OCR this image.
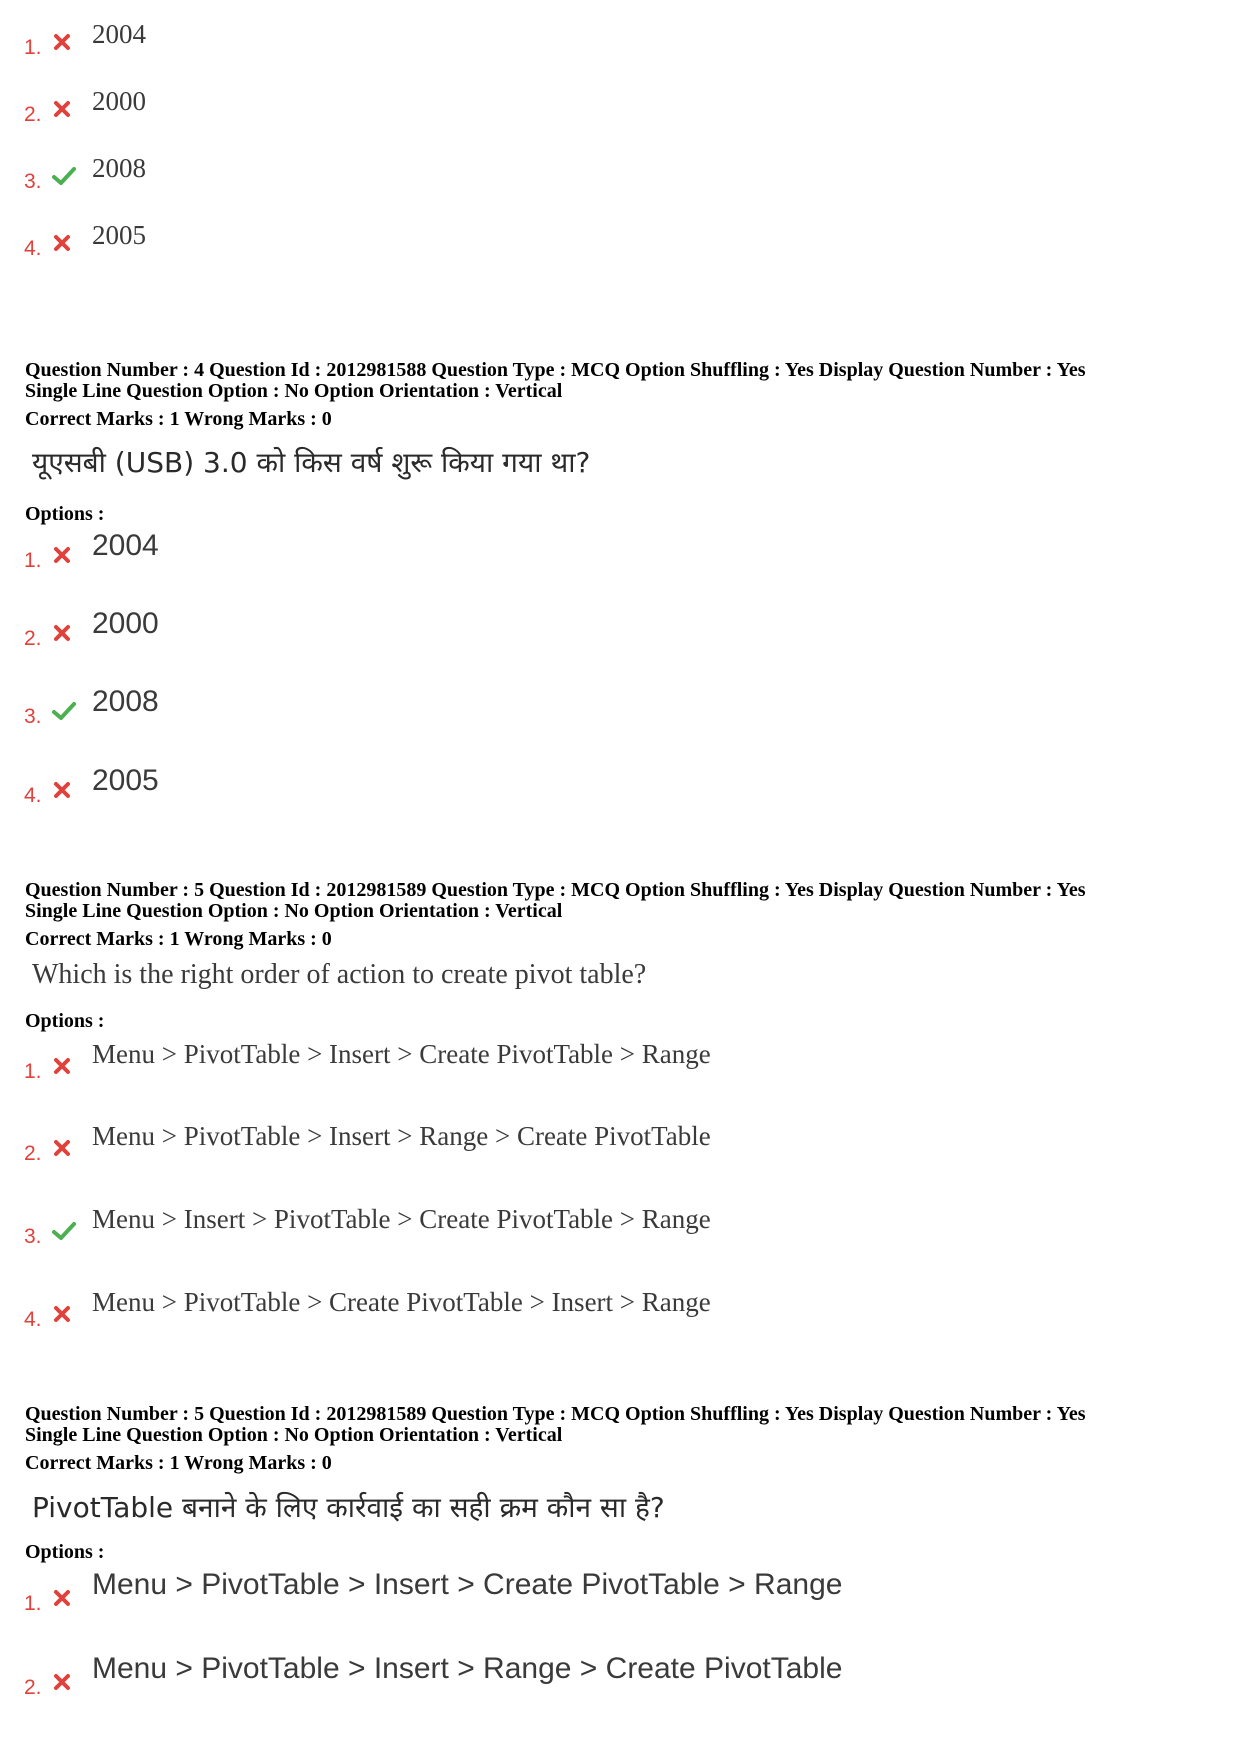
1. 2004
2. 2000
3. 2008
4. 2005
Question Number : 4 Question Id : 2012981588 Question Type : MCQ Option Shuffling : Yes Display Question Number : Yes
Single Line Question Option : No Option Orientation : Vertical
Correct Marks : 1 Wrong Marks : 0
यूएसबी (USB) 3.0 को किस वर्ष शुरू किया गया था?
Options :
1. 2004
2. 2000
3. 2008
4. 2005
Question Number : 5 Question Id : 2012981589 Question Type : MCQ Option Shuffling : Yes Display Question Number : Yes
Single Line Question Option : No Option Orientation : Vertical
Correct Marks : 1 Wrong Marks : 0
Which is the right order of action to create pivot table?
Options :
1.
Menu > PivotTable > Insert > Create PivotTable > Range
2.
Menu > PivotTable > Insert > Range > Create PivotTable
3.
Menu > Insert > PivotTable > Create PivotTable > Range
4.
Menu > PivotTable > Create PivotTable > Insert > Range
Question Number : 5 Question Id : 2012981589 Question Type : MCQ Option Shuffling : Yes Display Question Number : Yes
Single Line Question Option : No Option Orientation : Vertical
Correct Marks : 1 Wrong Marks : 0
PivotTable बनाने के लिए कार्रवाई का सही क्रम कौन सा है?
Options :
1.
Menu > PivotTable > Insert > Create PivotTable > Range
2.
Menu > PivotTable > Insert > Range > Create PivotTable
